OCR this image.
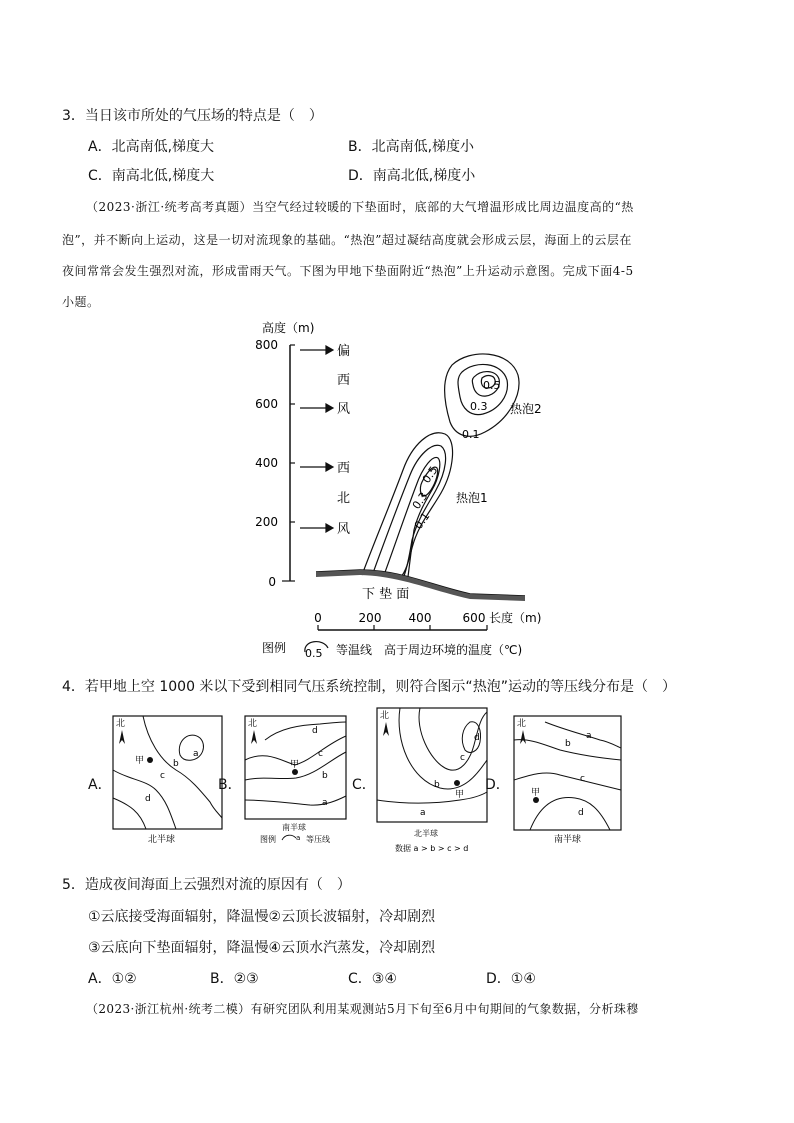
3．当日该市所处的气压场的特点是（　）
A．北高南低,梯度大	B．北高南低,梯度小
C．南高北低,梯度大	D．南高北低,梯度小
（2023·浙江·统考高考真题）当空气经过较暖的下垫面时，底部的大气增温形成比周边温度高的“热
泡”，并不断向上运动，这是一切对流现象的基础。“热泡”超过凝结高度就会形成云层，海面上的云层在
夜间常常会发生强烈对流，形成雷雨天气。下图为甲地下垫面附近“热泡”上升运动示意图。完成下面4-5
小题。
高度（m)
800
600
400
200
0
偏
西
风
西
北
风
0.5
0.3
0.1
热泡2
0.5
0.3
0.1
热泡1
下 垫 面
0	200 400	600 长度（m)
图例 0.5 等温线　高于周边环境的温度（℃)
4．若甲地上空 1000 米以下受到相同气压系统控制，则符合图示“热泡”运动的等压线分布是（　）
A．	B．	C．	D．
北
甲
a
b
c
d
北半球
北
甲
d
c
b
a
南半球
图例	a 等压线
北
甲
d
c
b
a
北半球
数据 a > b > c > d
北
甲
a
b
c
d
南半球
5．造成夜间海面上云强烈对流的原因有（　）
①云底接受海面辐射，降温慢②云顶长波辐射，冷却剧烈
③云底向下垫面辐射，降温慢④云顶水汽蒸发，冷却剧烈
A．①②	B．②③	C．③④	D．①④
（2023·浙江杭州·统考二模）有研究团队利用某观测站5月下旬至6月中旬期间的气象数据，分析珠穆
